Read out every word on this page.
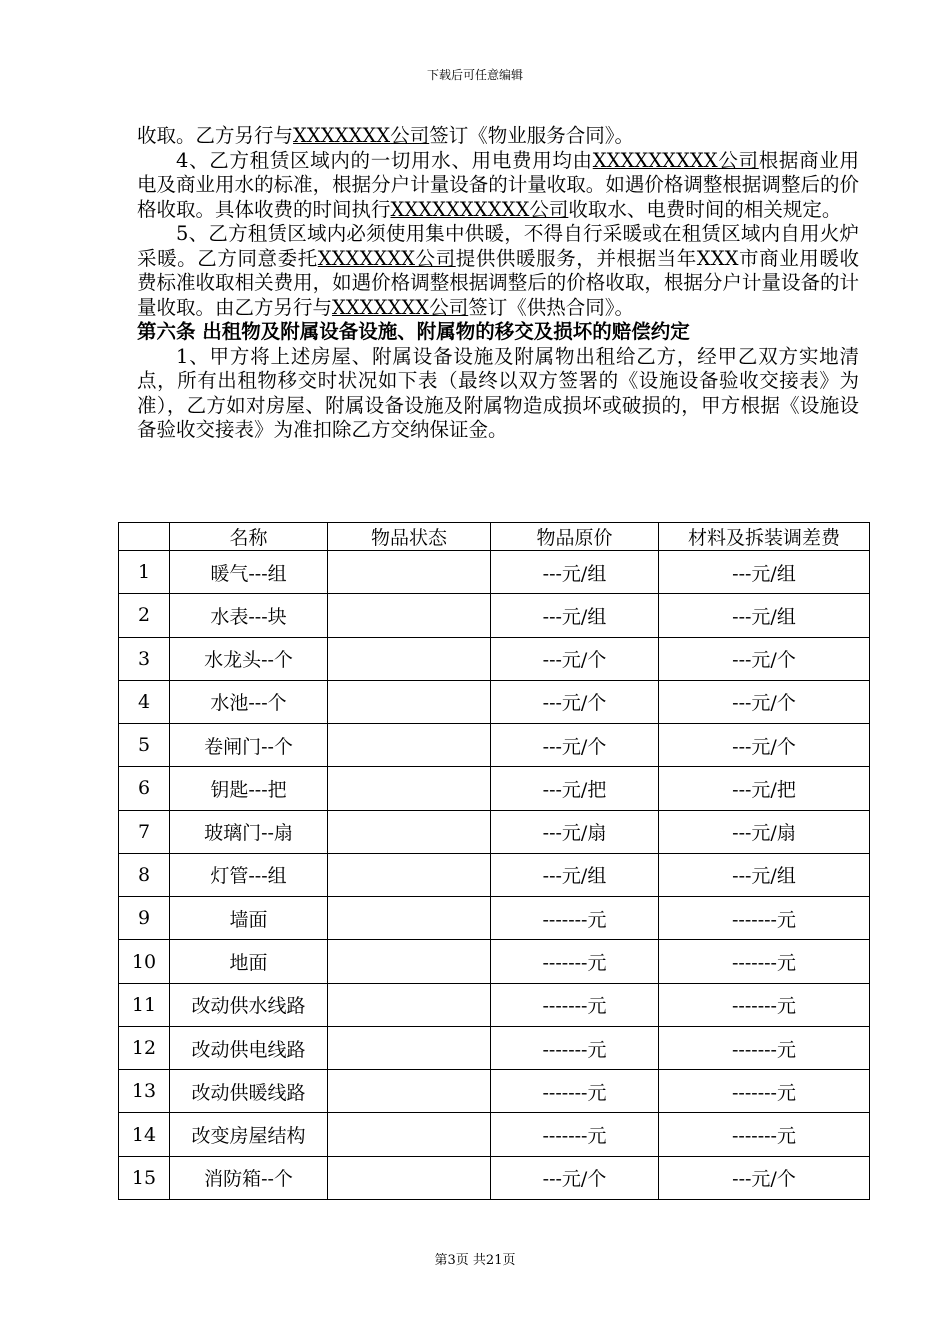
下载后可任意编辑

收取。乙方另行与XXXXXXX公司签订《物业服务合同》。

4、乙方租赁区域内的一切用水、用电费用均由XXXXXXXXX公司根据商业用电及商业用水的标准，根据分户计量设备的计量收取。如遇价格调整根据调整后的价格收取。具体收费的时间执行XXXXXXXXXX公司收取水、电费时间的相关规定。

5、乙方租赁区域内必须使用集中供暖，不得自行采暖或在租赁区域内自用火炉采暖。乙方同意委托XXXXXXX公司提供供暖服务，并根据当年XXX市商业用暖收费标准收取相关费用，如遇价格调整根据调整后的价格收取，根据分户计量设备的计量收取。由乙方另行与XXXXXXX公司签订《供热合同》。

第六条 出租物及附属设备设施、附属物的移交及损坏的赔偿约定

1、甲方将上述房屋、附属设备设施及附属物出租给乙方，经甲乙双方实地清点，所有出租物移交时状况如下表（最终以双方签署的《设施设备验收交接表》为准），乙方如对房屋、附属设备设施及附属物造成损坏或破损的，甲方根据《设施设备验收交接表》为准扣除乙方交纳保证金。

	名称	物品状态	物品原价	材料及拆装调差费
1	暖气---组		---元/组	---元/组
2	水表---块		---元/组	---元/组
3	水龙头--个		---元/个	---元/个
4	水池---个		---元/个	---元/个
5	卷闸门--个		---元/个	---元/个
6	钥匙---把		---元/把	---元/把
7	玻璃门--扇		---元/扇	---元/扇
8	灯管---组		---元/组	---元/组
9	墙面		-------元	-------元
10	地面		-------元	-------元
11	改动供水线路		-------元	-------元
12	改动供电线路		-------元	-------元
13	改动供暖线路		-------元	-------元
14	改变房屋结构		-------元	-------元
15	消防箱--个		---元/个	---元/个
第3页 共21页
